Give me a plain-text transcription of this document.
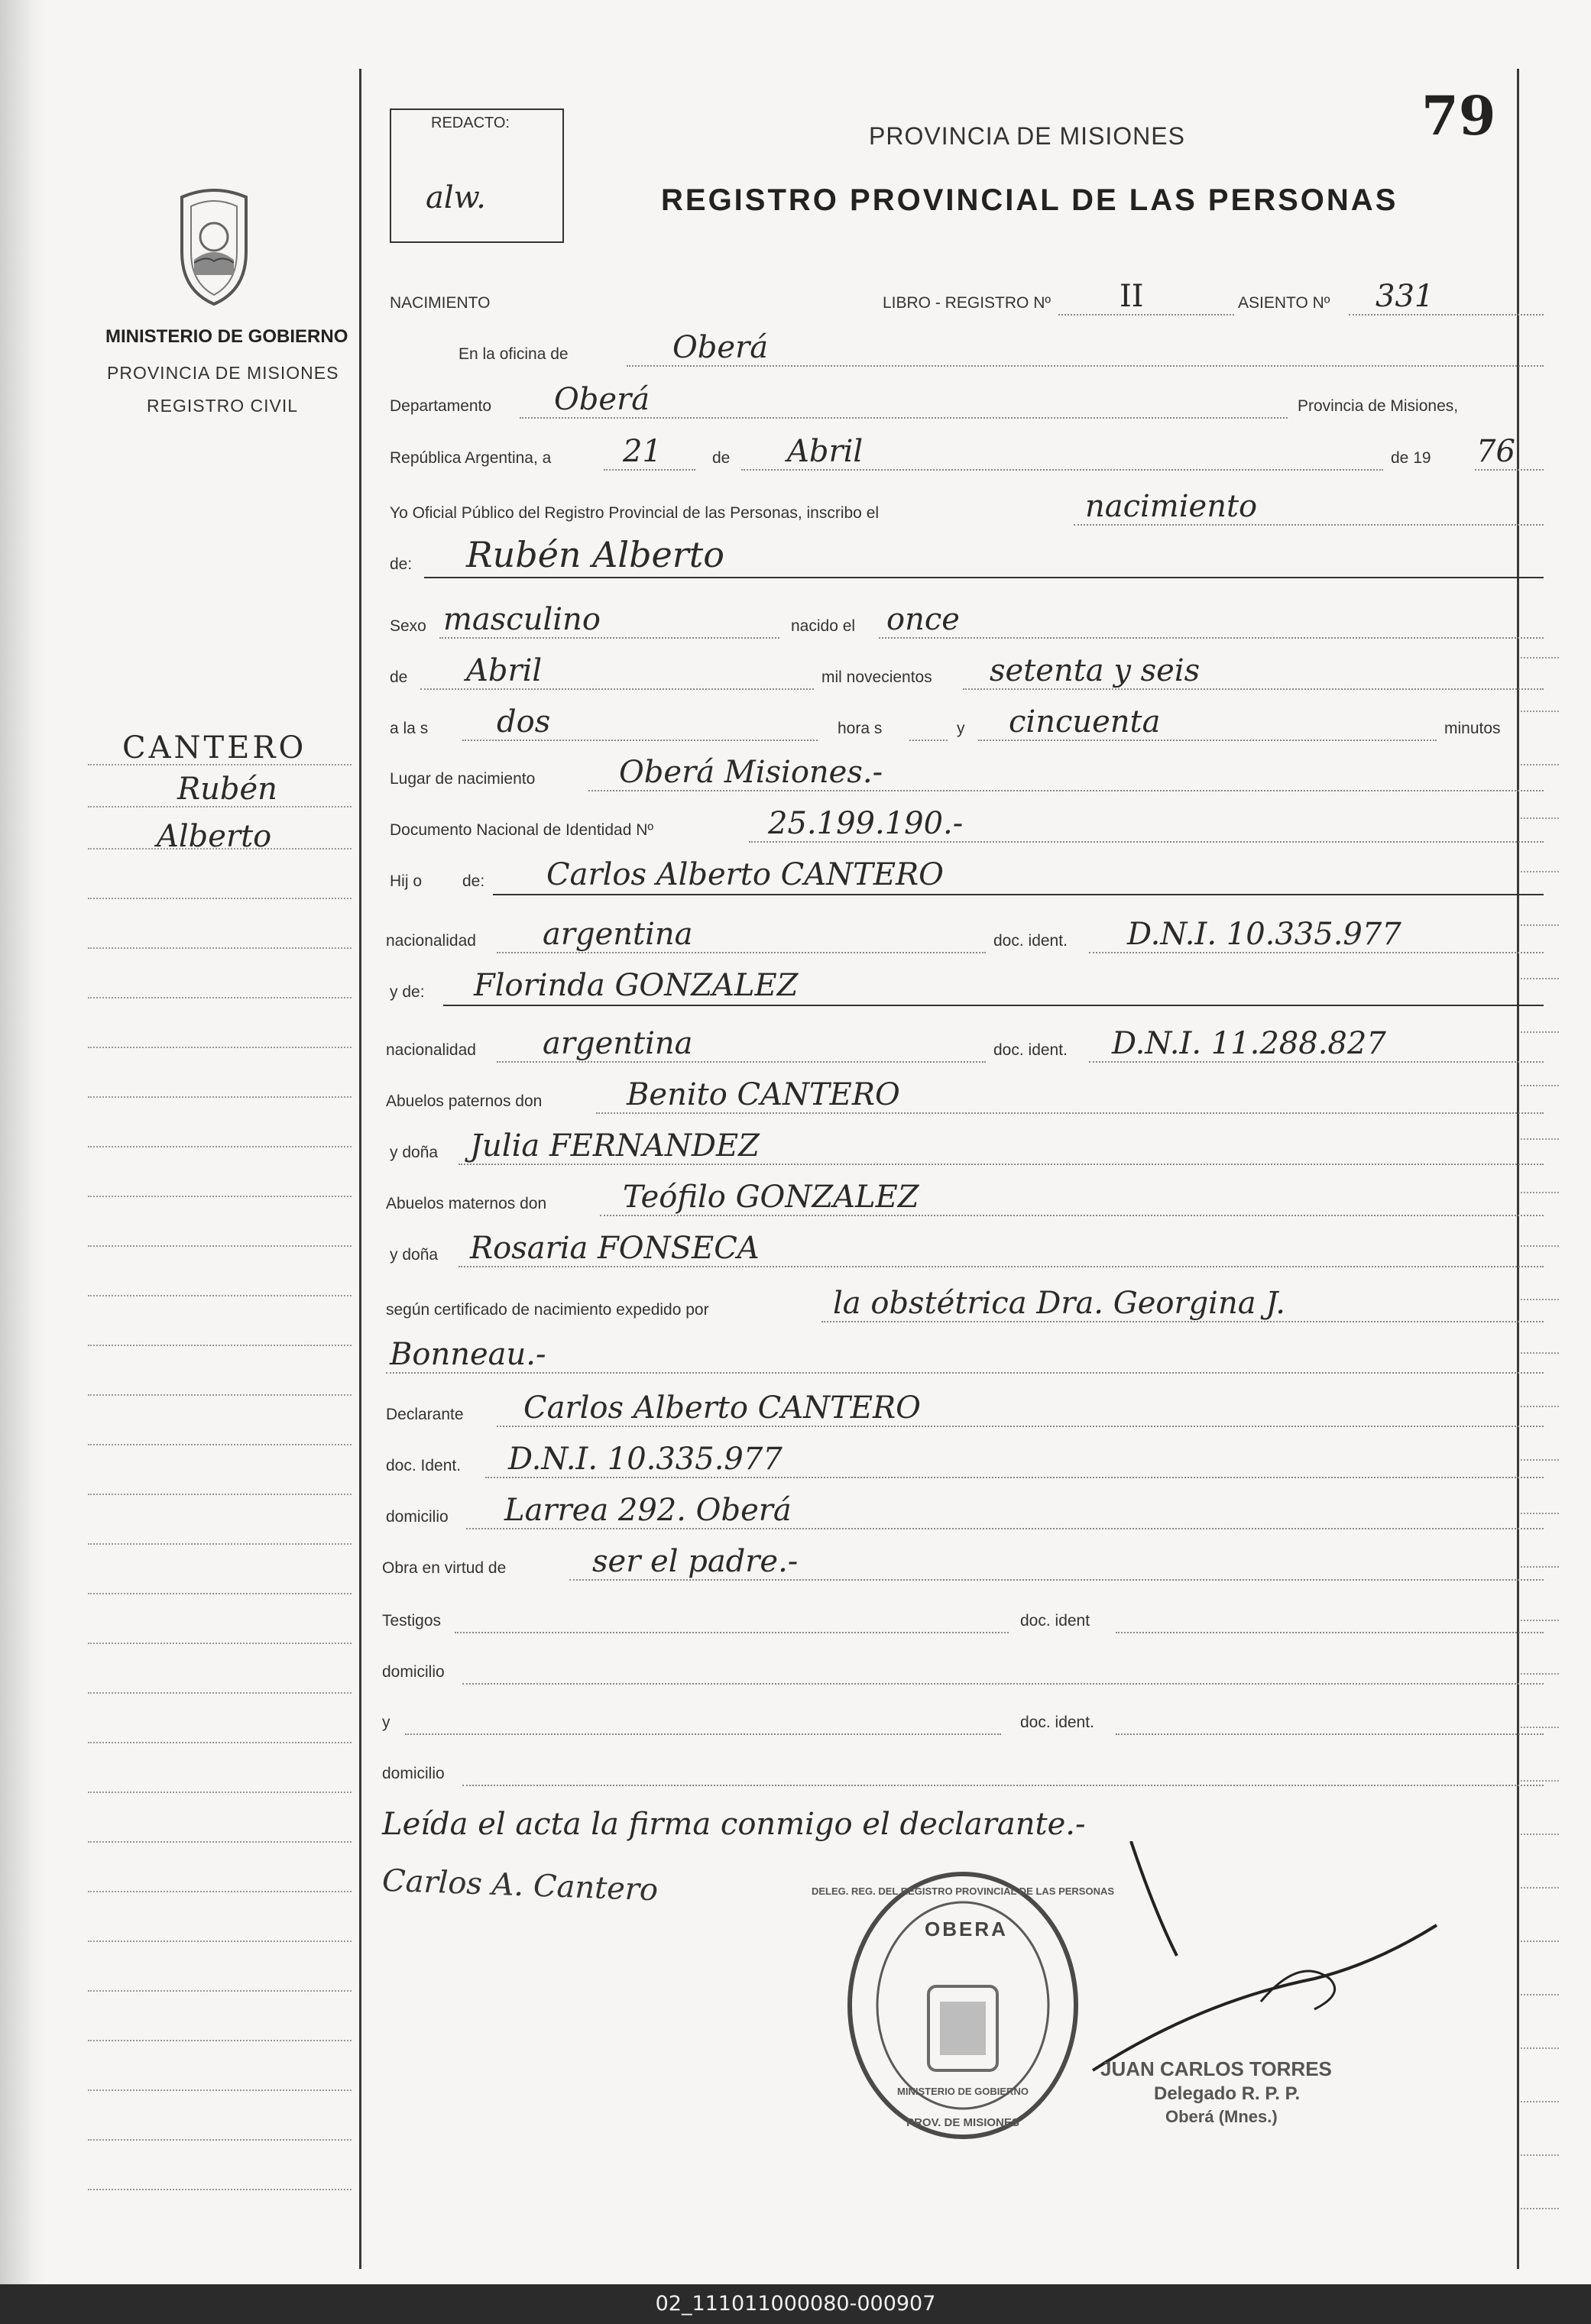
79
REDACTO:
alw.
PROVINCIA DE MISIONES
REGISTRO PROVINCIAL DE LAS PERSONAS
MINISTERIO DE GOBIERNO
PROVINCIA DE MISIONES
REGISTRO CIVIL
CANTERO
Rubén
Alberto
NACIMIENTO	LIBRO - REGISTRO Nº II	ASIENTO Nº 331
En la oficina de	Oberá
Departamento Oberá	Provincia de Misiones,
República Argentina, a 21	de Abril	de 19 76
Yo Oficial Público del Registro Provincial de las Personas, inscribo el	nacimiento
de: Rubén Alberto
Sexo masculino	nacido el once
de Abril	mil novecientos setenta y seis
a la s dos	hora s	y cincuenta	minutos
Lugar de nacimiento	Oberá Misiones.-
Documento Nacional de Identidad Nº	25.199.190.-
Hij o	de: Carlos Alberto CANTERO
nacionalidad argentina	doc. ident. D.N.I. 10.335.977
y de: Florinda GONZALEZ
nacionalidad argentina	doc. ident. D.N.I. 11.288.827
Abuelos paternos don	Benito CANTERO
y doña Julia FERNANDEZ
Abuelos maternos don Teófilo GONZALEZ
y doña Rosaria FONSECA
según certificado de nacimiento expedido por	la obstétrica Dra. Georgina J.
Bonneau.-
Declarante Carlos Alberto CANTERO
doc. Ident. D.N.I. 10.335.977
domicilio Larrea 292. Oberá
Obra en virtud de	ser el padre.-
Testigos	doc. ident
domicilio
y	doc. ident.
domicilio
Leída el acta la firma conmigo el declarante.-
Carlos A. Cantero
OBERA
DELEG. REG. DEL REGISTRO PROVINCIAL DE LAS PERSONAS
MINISTERIO DE GOBIERNO
PROV. DE MISIONES
JUAN CARLOS TORRES
Delegado R. P. P.
Oberá (Mnes.)
02_111011000080-000907
